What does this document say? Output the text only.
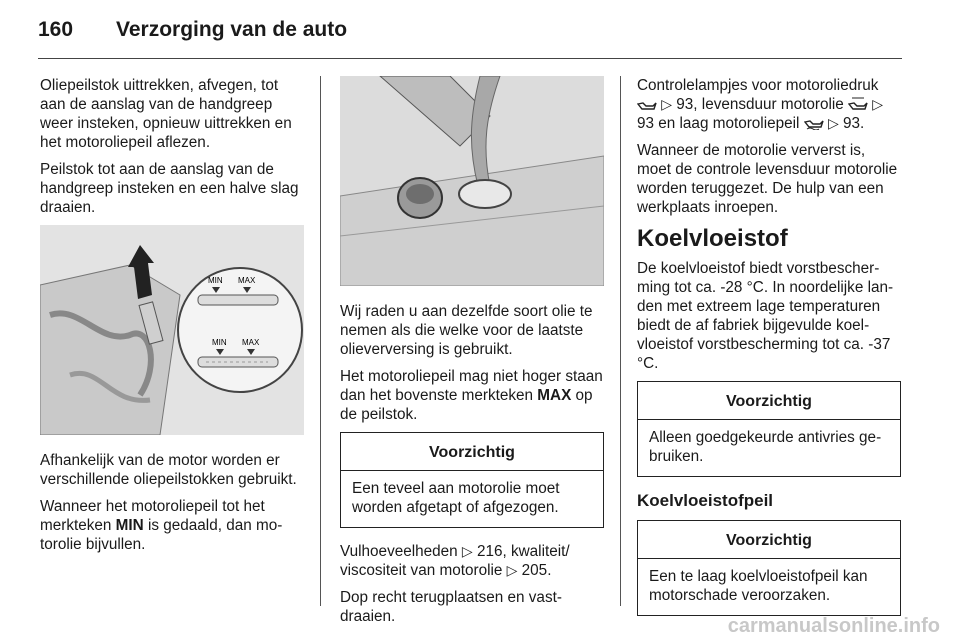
160 Verzorging van de auto

Oliepeilstok uittrekken, afvegen, tot aan de aanslag van de handgreep weer insteken, opnieuw uittrekken en het motoroliepeil aflezen.

Peilstok tot aan de aanslag van de handgreep insteken en een halve slag draaien.

MIN MAX
MIN MAX

Afhankelijk van de motor worden er verschillende oliepeilstokken gebruikt.

Wanneer het motoroliepeil tot het merkteken MIN is gedaald, dan motorolie bijvullen.

Wij raden u aan dezelfde soort olie te nemen als die welke voor de laatste olieverversing is gebruikt.

Het motoroliepeil mag niet hoger staan dan het bovenste merkteken MAX op de peilstok.

Voorzichtig
Een teveel aan motorolie moet worden afgetapt of afgezogen.

Vulhoeveelheden ▷ 216, kwaliteit/ viscositeit van motorolie ▷ 205.

Dop recht terugplaatsen en vastdraaien.

Controlelampjes voor motoroliedruk  ▷ 93, levensduur motorolie  ▷ 93 en laag motoroliepeil  ▷ 93.

Wanneer de motorolie ververst is, moet de controle levensduur motorolie worden teruggezet. De hulp van een werkplaats inroepen.

Koelvloeistof

De koelvloeistof biedt vorstbescherming tot ca. -28 °C. In noordelijke landen met extreem lage temperaturen biedt de af fabriek bijgevulde koelvloeistof vorstbescherming tot ca. -37 °C.

Voorzichtig
Alleen goedgekeurde antivries gebruiken.
Koelvloeistofpeil
Voorzichtig
Een te laag koelvloeistofpeil kan motorschade veroorzaken.
carmanualsonline.info
